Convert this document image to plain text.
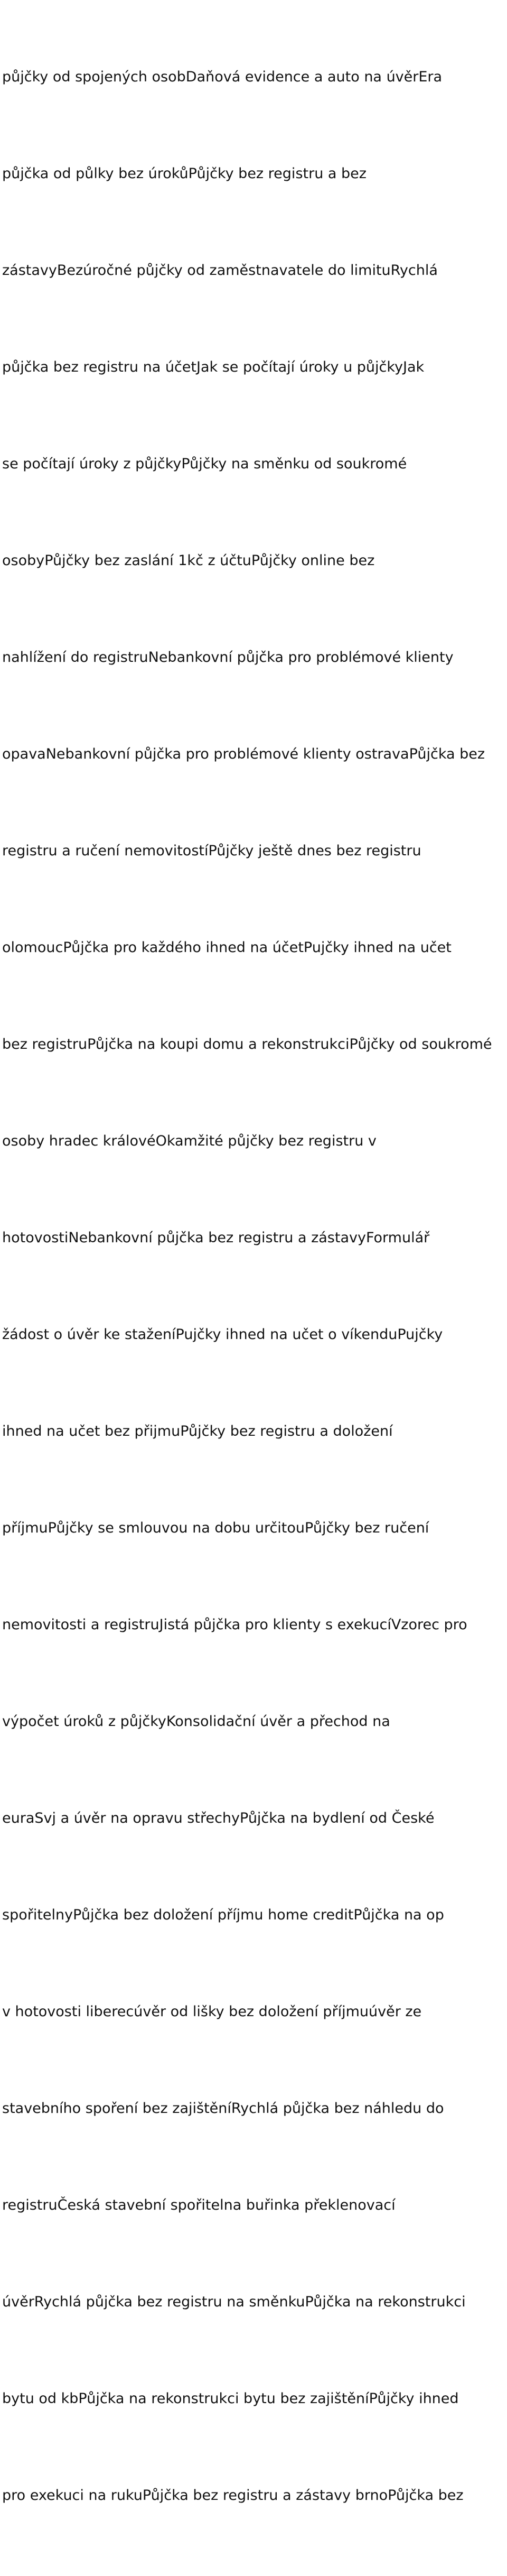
půjčky od spojených osobDaňová evidence a auto na úvěrEra

půjčka od půlky bez úrokůPůjčky bez registru a bez

zástavyBezúročné půjčky od zaměstnavatele do limituRychlá

půjčka bez registru na účetJak se počítají úroky u půjčkyJak

se počítají úroky z půjčkyPůjčky na směnku od soukromé

osobyPůjčky bez zaslání 1kč z účtuPůjčky online bez

nahlížení do registruNebankovní půjčka pro problémové klienty

opavaNebankovní půjčka pro problémové klienty ostravaPůjčka bez

registru a ručení nemovitostíPůjčky ještě dnes bez registru

olomoucPůjčka pro každého ihned na účetPujčky ihned na učet

bez registruPůjčka na koupi domu a rekonstrukciPůjčky od soukromé

osoby hradec královéOkamžité půjčky bez registru v

hotovostiNebankovní půjčka bez registru a zástavyFormulář

žádost o úvěr ke staženíPujčky ihned na učet o víkenduPujčky

ihned na učet bez přijmuPůjčky bez registru a doložení

příjmuPůjčky se smlouvou na dobu určitouPůjčky bez ručení

nemovitosti a registruJistá půjčka pro klienty s exekucíVzorec pro

výpočet úroků z půjčkyKonsolidační úvěr a přechod na

euraSvj a úvěr na opravu střechyPůjčka na bydlení od České

spořitelnyPůjčka bez doložení příjmu home creditPůjčka na op

v hotovosti liberecúvěr od lišky bez doložení příjmuúvěr ze

stavebního spoření bez zajištěníRychlá půjčka bez náhledu do

registruČeská stavební spořitelna buřinka překlenovací

úvěrRychlá půjčka bez registru na směnkuPůjčka na rekonstrukci

bytu od kbPůjčka na rekonstrukci bytu bez zajištěníPůjčky ihned

pro exekuci na rukuPůjčka bez registru a zástavy brnoPůjčka bez
